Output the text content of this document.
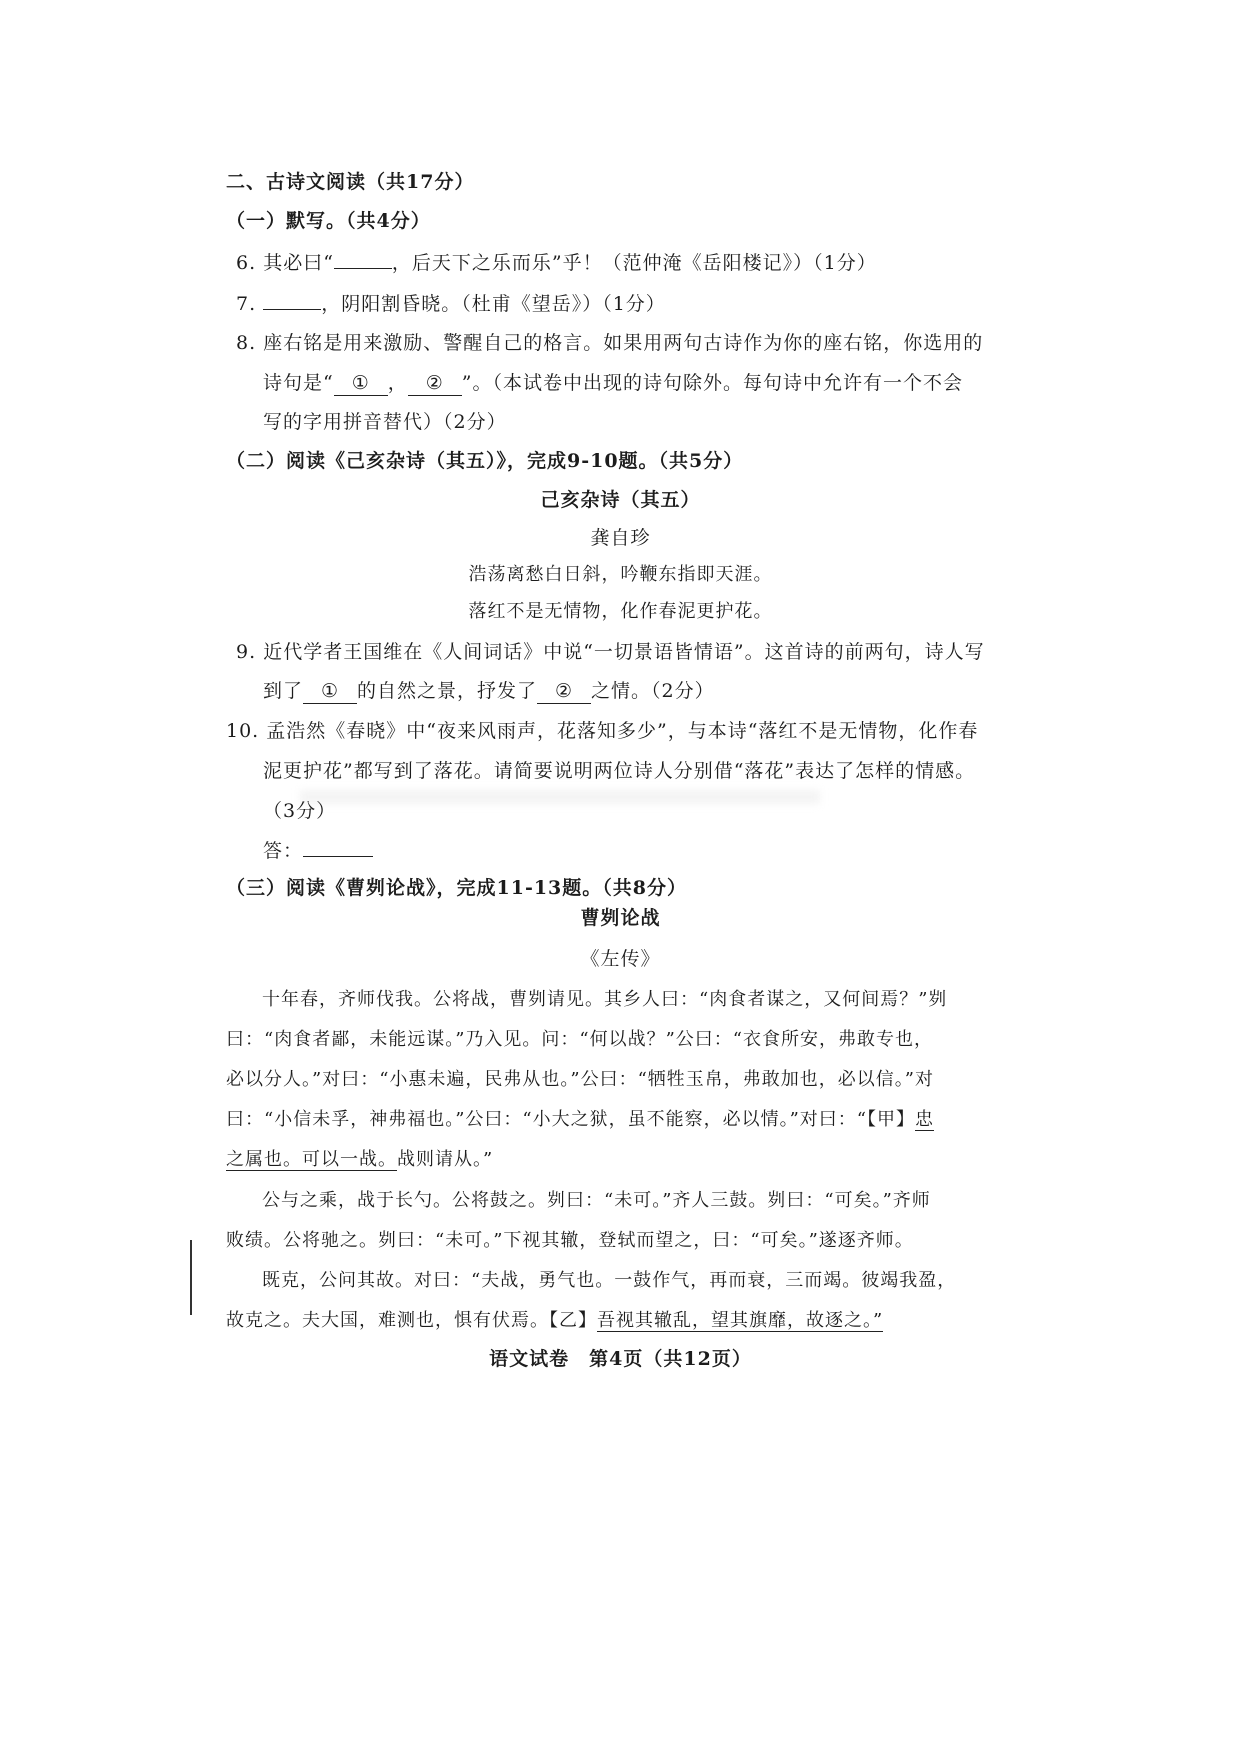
二、古诗文阅读（共17分）
（一）默写。（共4分）
6. 其必曰“	，后天下之乐而乐”乎！（范仲淹《岳阳楼记》）（1分）
7.	，阴阳割昏晓。（杜甫《望岳》）（1分）
8. 座右铭是用来激励、警醒自己的格言。如果用两句古诗作为你的座右铭，你选用的
诗句是“ ① ， ② ”。（本试卷中出现的诗句除外。每句诗中允许有一个不会
写的字用拼音替代）（2分）
（二）阅读《己亥杂诗（其五）》，完成9-10题。（共5分）
己亥杂诗（其五）
龚自珍
浩荡离愁白日斜，吟鞭东指即天涯。
落红不是无情物，化作春泥更护花。
9. 近代学者王国维在《人间词话》中说“一切景语皆情语”。这首诗的前两句，诗人写
到了 ① 的自然之景，抒发了 ② 之情。（2分）
10. 孟浩然《春晓》中“夜来风雨声，花落知多少”，与本诗“落红不是无情物，化作春
泥更护花”都写到了落花。请简要说明两位诗人分别借“落花”表达了怎样的情感。
（3分）
答：
（三）阅读《曹刿论战》，完成11-13题。（共8分）
曹刿论战
《左传》
十年春，齐师伐我。公将战，曹刿请见。其乡人曰：“肉食者谋之，又何间焉？”刿
曰：“肉食者鄙，未能远谋。”乃入见。问：“何以战？”公曰：“衣食所安，弗敢专也，
必以分人。”对曰：“小惠未遍，民弗从也。”公曰：“牺牲玉帛，弗敢加也，必以信。”对
曰：“小信未孚，神弗福也。”公曰：“小大之狱，虽不能察，必以情。”对曰：“【甲】忠
之属也。可以一战。战则请从。”
公与之乘，战于长勺。公将鼓之。刿曰：“未可。”齐人三鼓。刿曰：“可矣。”齐师
败绩。公将驰之。刿曰：“未可。”下视其辙，登轼而望之，曰：“可矣。”遂逐齐师。
既克，公问其故。对曰：“夫战，勇气也。一鼓作气，再而衰，三而竭。彼竭我盈，
故克之。夫大国，难测也，惧有伏焉。【乙】吾视其辙乱，望其旗靡，故逐之。”
语文试卷　第4页（共12页）
